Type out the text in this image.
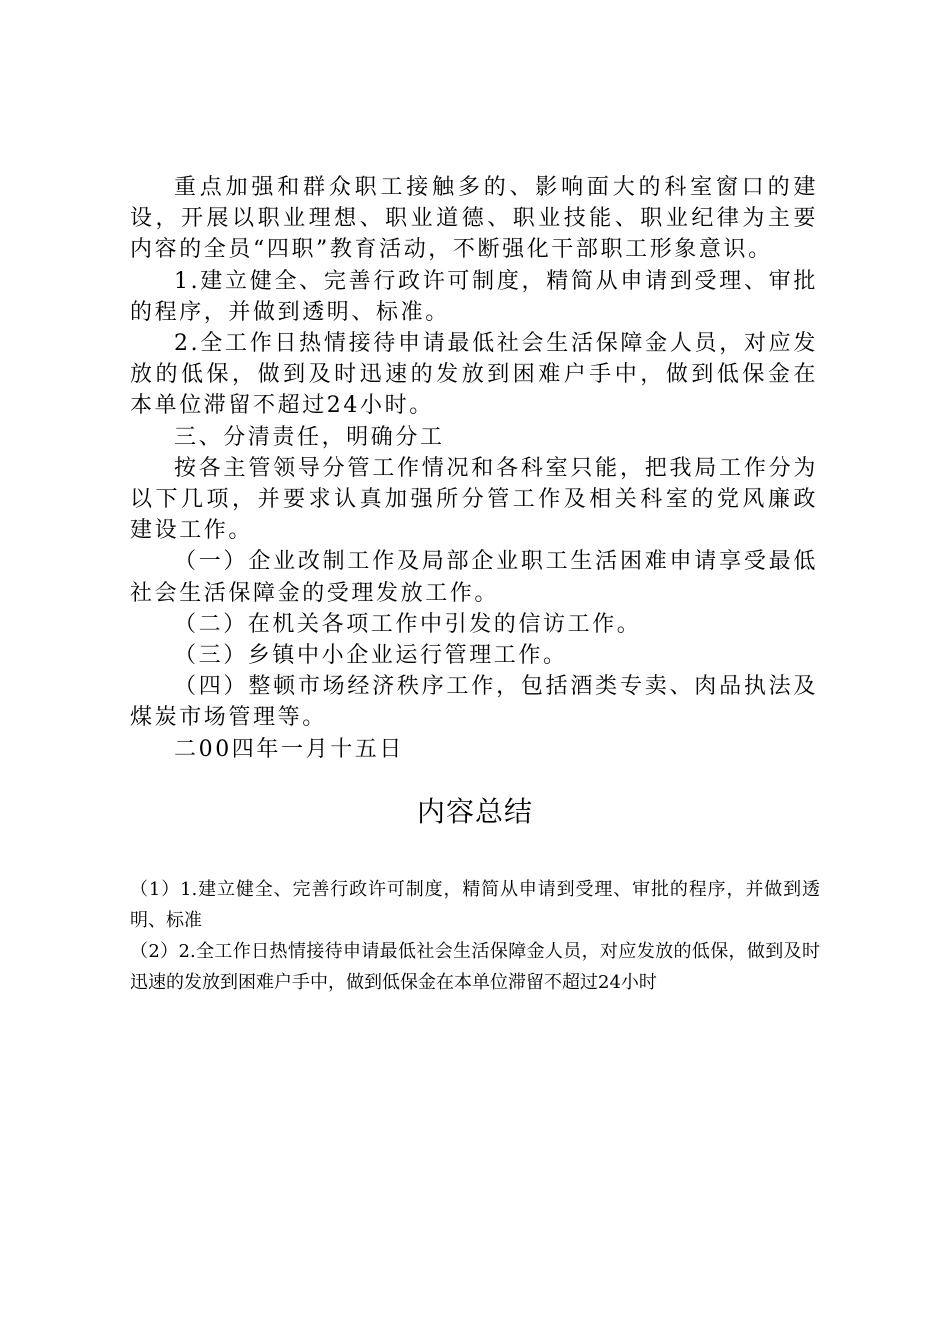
重点加强和群众职工接触多的、影响面大的科室窗口的建设，开展以职业理想、职业道德、职业技能、职业纪律为主要内容的全员“四职”教育活动，不断强化干部职工形象意识。

1.建立健全、完善行政许可制度，精简从申请到受理、审批的程序，并做到透明、标准。

2.全工作日热情接待申请最低社会生活保障金人员，对应发放的低保，做到及时迅速的发放到困难户手中，做到低保金在本单位滞留不超过24小时。

三、分清责任，明确分工

按各主管领导分管工作情况和各科室只能，把我局工作分为以下几项，并要求认真加强所分管工作及相关科室的党风廉政建设工作。

（一）企业改制工作及局部企业职工生活困难申请享受最低社会生活保障金的受理发放工作。

（二）在机关各项工作中引发的信访工作。

（三）乡镇中小企业运行管理工作。

（四）整顿市场经济秩序工作，包括酒类专卖、肉品执法及煤炭市场管理等。

二00四年一月十五日

内容总结

（1）1.建立健全、完善行政许可制度，精简从申请到受理、审批的程序，并做到透明、标准

（2）2.全工作日热情接待申请最低社会生活保障金人员，对应发放的低保，做到及时迅速的发放到困难户手中，做到低保金在本单位滞留不超过24小时
